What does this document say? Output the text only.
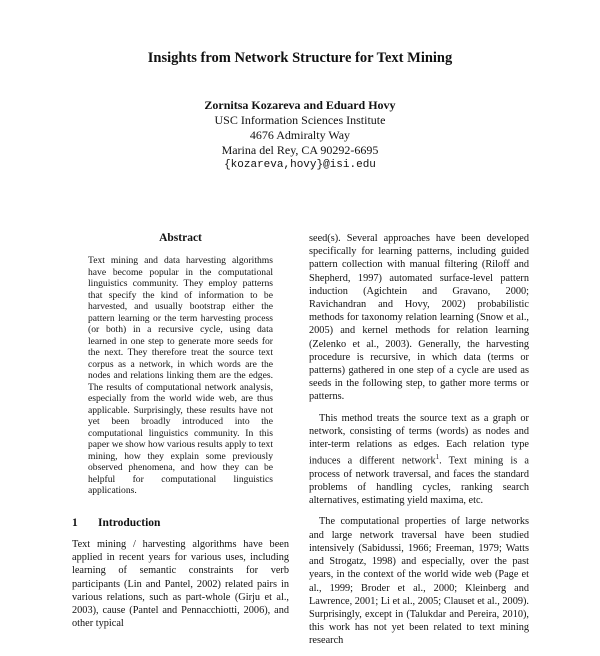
Insights from Network Structure for Text Mining
Zornitsa Kozareva and Eduard Hovy
USC Information Sciences Institute
4676 Admiralty Way
Marina del Rey, CA 90292-6695
{kozareva,hovy}@isi.edu
Abstract
Text mining and data harvesting algorithms have become popular in the computational linguistics community. They employ patterns that specify the kind of information to be harvested, and usually bootstrap either the pattern learning or the term harvesting process (or both) in a recursive cycle, using data learned in one step to generate more seeds for the next. They therefore treat the source text corpus as a network, in which words are the nodes and relations linking them are the edges. The results of computational network analysis, especially from the world wide web, are thus applicable. Surprisingly, these results have not yet been broadly introduced into the computational linguistics community. In this paper we show how various results apply to text mining, how they explain some previously observed phenomena, and how they can be helpful for computational linguistics applications.
1 Introduction

Text mining / harvesting algorithms have been applied in recent years for various uses, including learning of semantic constraints for verb participants (Lin and Pantel, 2002) related pairs in various relations, such as part-whole (Girju et al., 2003), cause (Pantel and Pennacchiotti, 2006), and other typical

seed(s). Several approaches have been developed specifically for learning patterns, including guided pattern collection with manual filtering (Riloff and Shepherd, 1997) automated surface-level pattern induction (Agichtein and Gravano, 2000; Ravichandran and Hovy, 2002) probabilistic methods for taxonomy relation learning (Snow et al., 2005) and kernel methods for relation learning (Zelenko et al., 2003). Generally, the harvesting procedure is recursive, in which data (terms or patterns) gathered in one step of a cycle are used as seeds in the following step, to gather more terms or patterns.

This method treats the source text as a graph or network, consisting of terms (words) as nodes and inter-term relations as edges. Each relation type induces a different network$^1$. Text mining is a process of network traversal, and faces the standard problems of handling cycles, ranking search alternatives, estimating yield maxima, etc.

The computational properties of large networks and large network traversal have been studied intensively (Sabidussi, 1966; Freeman, 1979; Watts and Strogatz, 1998) and especially, over the past years, in the context of the world wide web (Page et al., 1999; Broder et al., 2000; Kleinberg and Lawrence, 2001; Li et al., 2005; Clauset et al., 2009). Surprisingly, except in (Talukdar and Pereira, 2010), this work has not yet been related to text mining research
